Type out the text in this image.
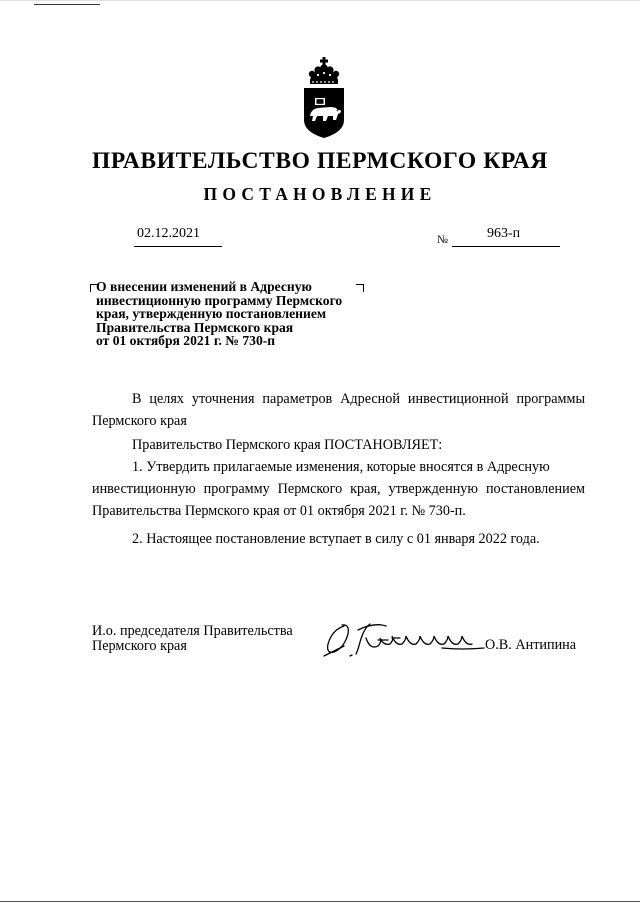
ПРАВИТЕЛЬСТВО ПЕРМСКОГО КРАЯ
ПОСТАНОВЛЕНИЕ
02.12.2021	№	963-п
О внесении изменений в Адресную
инвестиционную программу Пермского
края, утвержденную постановлением
Правительства Пермского края
от 01 октября 2021 г. № 730-п

В целях уточнения параметров Адресной инвестиционной программы Пермского края

Правительство Пермского края ПОСТАНОВЛЯЕТ:

1. Утвердить прилагаемые изменения, которые вносятся в Адресную

инвестиционную программу Пермского края, утвержденную постановлением Правительства Пермского края от 01 октября 2021 г. № 730-п.

2. Настоящее постановление вступает в силу с 01 января 2022 года.

И.о. председателя Правительства
Пермского края	О.В. Антипина
